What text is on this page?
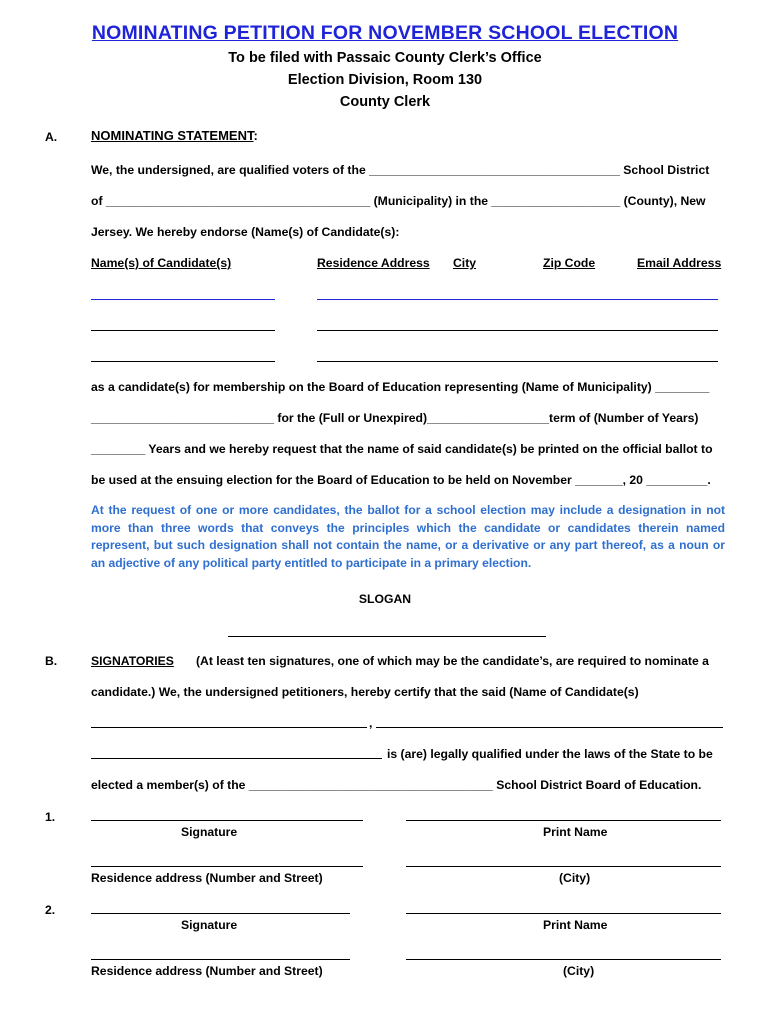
NOMINATING PETITION FOR NOVEMBER SCHOOL ELECTION
To be filed with Passaic County Clerk’s Office
Election Division, Room 130
County Clerk
A.	NOMINATING STATEMENT:
We, the undersigned, are qualified voters of the _____________________________________ School District
of _______________________________________ (Municipality) in the ___________________ (County), New
Jersey. We hereby endorse (Name(s) of Candidate(s):
Name(s) of Candidate(s)	Residence Address City	Zip Code	Email Address
as a candidate(s) for membership on the Board of Education representing (Name of Municipality) ________
___________________________ for the (Full or Unexpired)__________________term of (Number of Years)
________ Years and we hereby request that the name of said candidate(s) be printed on the official ballot to
be used at the ensuing election for the Board of Education to be held on November _______, 20 _________.
At the request of one or more candidates, the ballot for a school election may include a designation in not more than three words that conveys the principles which the candidate or candidates therein named represent, but such designation shall not contain the name, or a derivative or any part thereof, as a noun or an adjective of any political party entitled to participate in a primary election.
SLOGAN
B.	SIGNATORIES (At least ten signatures, one of which may be the candidate’s, are required to nominate a
candidate.) We, the undersigned petitioners, hereby certify that the said (Name of Candidate(s)
,
is (are) legally qualified under the laws of the State to be
elected a member(s) of the ____________________________________ School District Board of Education.
1.
Signature	Print Name
Residence address (Number and Street)	(City)
2.
Signature	Print Name
Residence address (Number and Street)	(City)
